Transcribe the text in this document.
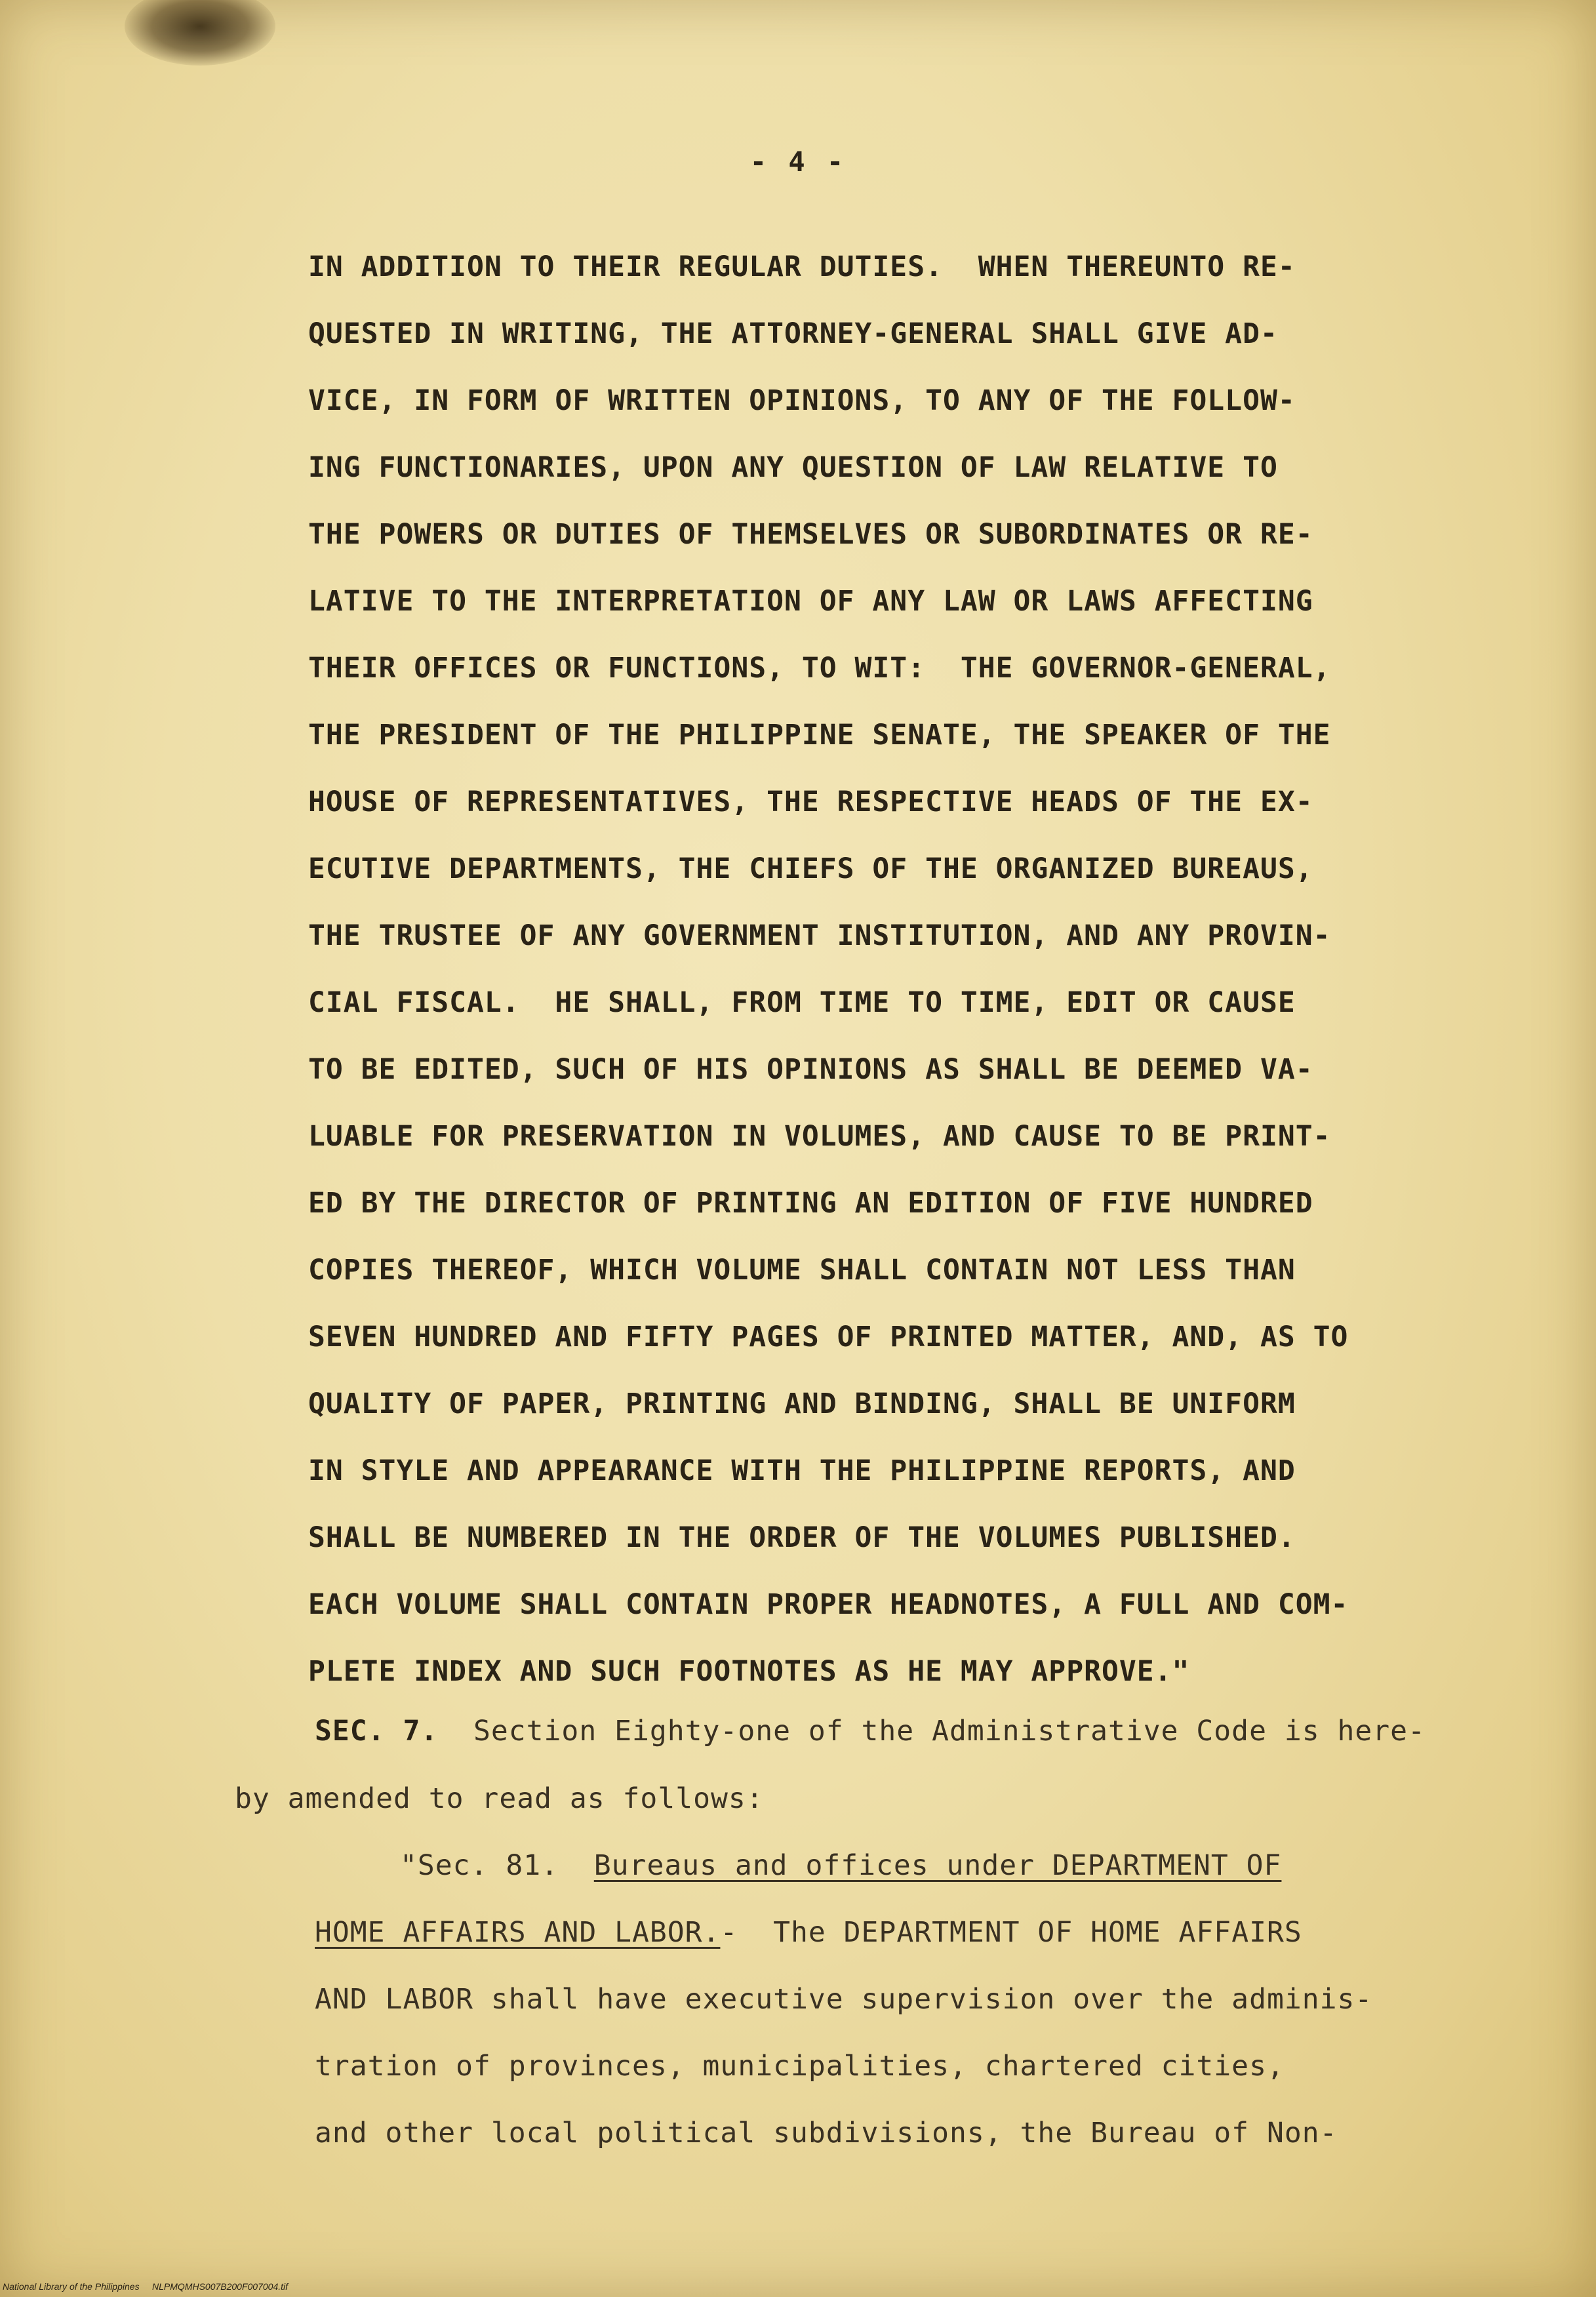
- 4 -
IN ADDITION TO THEIR REGULAR DUTIES.  WHEN THEREUNTO RE-
QUESTED IN WRITING, THE ATTORNEY-GENERAL SHALL GIVE AD-
VICE, IN FORM OF WRITTEN OPINIONS, TO ANY OF THE FOLLOW-
ING FUNCTIONARIES, UPON ANY QUESTION OF LAW RELATIVE TO
THE POWERS OR DUTIES OF THEMSELVES OR SUBORDINATES OR RE-
LATIVE TO THE INTERPRETATION OF ANY LAW OR LAWS AFFECTING
THEIR OFFICES OR FUNCTIONS, TO WIT:  THE GOVERNOR-GENERAL,
THE PRESIDENT OF THE PHILIPPINE SENATE, THE SPEAKER OF THE
HOUSE OF REPRESENTATIVES, THE RESPECTIVE HEADS OF THE EX-
ECUTIVE DEPARTMENTS, THE CHIEFS OF THE ORGANIZED BUREAUS,
THE TRUSTEE OF ANY GOVERNMENT INSTITUTION, AND ANY PROVIN-
CIAL FISCAL.  HE SHALL, FROM TIME TO TIME, EDIT OR CAUSE
TO BE EDITED, SUCH OF HIS OPINIONS AS SHALL BE DEEMED VA-
LUABLE FOR PRESERVATION IN VOLUMES, AND CAUSE TO BE PRINT-
ED BY THE DIRECTOR OF PRINTING AN EDITION OF FIVE HUNDRED
COPIES THEREOF, WHICH VOLUME SHALL CONTAIN NOT LESS THAN
SEVEN HUNDRED AND FIFTY PAGES OF PRINTED MATTER, AND, AS TO
QUALITY OF PAPER, PRINTING AND BINDING, SHALL BE UNIFORM
IN STYLE AND APPEARANCE WITH THE PHILIPPINE REPORTS, AND
SHALL BE NUMBERED IN THE ORDER OF THE VOLUMES PUBLISHED.
EACH VOLUME SHALL CONTAIN PROPER HEADNOTES, A FULL AND COM-
PLETE INDEX AND SUCH FOOTNOTES AS HE MAY APPROVE."
SEC. 7.  Section Eighty-one of the Administrative Code is here-
by amended to read as follows:
"Sec. 81.  Bureaus and offices under DEPARTMENT OF
HOME AFFAIRS AND LABOR.-  The DEPARTMENT OF HOME AFFAIRS
AND LABOR shall have executive supervision over the adminis-
tration of provinces, municipalities, chartered cities,
and other local political subdivisions, the Bureau of Non-
National Library of the Philippines     NLPMQMHS007B200F007004.tif
